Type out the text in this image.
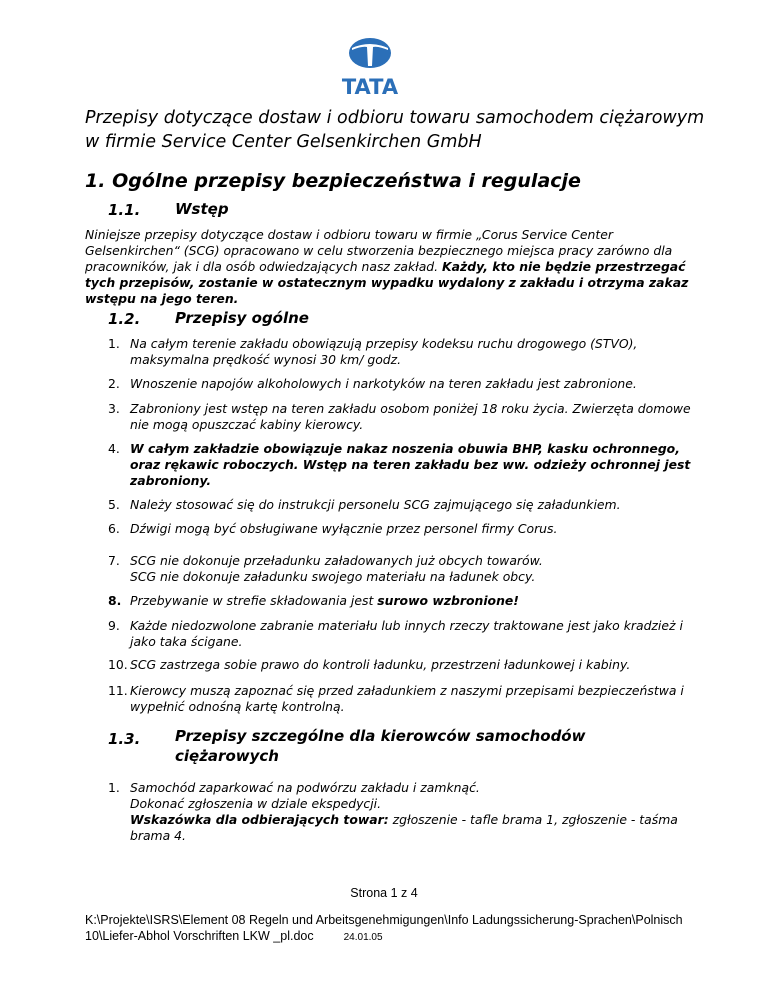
TATA
Przepisy dotyczące dostaw i odbioru towaru samochodem ciężarowym w firmie Service Center Gelsenkirchen GmbH
1. Ogólne przepisy bezpieczeństwa i regulacje
1.1. Wstęp
Niniejsze przepisy dotyczące dostaw i odbioru towaru w firmie „Corus Service Center Gelsenkirchen“ (SCG) opracowano w celu stworzenia bezpiecznego miejsca pracy zarówno dla pracowników, jak i dla osób odwiedzających nasz zakład. Każdy, kto nie będzie przestrzegać tych przepisów, zostanie w ostatecznym wypadku wydalony z zakładu i otrzyma zakaz wstępu na jego teren.
1.2. Przepisy ogólne
1. Na całym terenie zakładu obowiązują przepisy kodeksu ruchu drogowego (STVO), maksymalna prędkość wynosi 30 km/ godz.
2. Wnoszenie napojów alkoholowych i narkotyków na teren zakładu jest zabronione.
3. Zabroniony jest wstęp na teren zakładu osobom poniżej 18 roku życia. Zwierzęta domowe nie mogą opuszczać kabiny kierowcy.
4. W całym zakładzie obowiązuje nakaz noszenia obuwia BHP, kasku ochronnego, oraz rękawic roboczych. Wstęp na teren zakładu bez ww. odzieży ochronnej jest zabroniony.
5. Należy stosować się do instrukcji personelu SCG zajmującego się załadunkiem.
6. Dźwigi mogą być obsługiwane wyłącznie przez personel firmy Corus.
7. SCG nie dokonuje przeładunku załadowanych już obcych towarów.
SCG nie dokonuje załadunku swojego materiału na ładunek obcy.
8. Przebywanie w strefie składowania jest surowo wzbronione!
9. Każde niedozwolone zabranie materiału lub innych rzeczy traktowane jest jako kradzież i jako taka ścigane.
10. SCG zastrzega sobie prawo do kontroli ładunku, przestrzeni ładunkowej i kabiny.
11. Kierowcy muszą zapoznać się przed załadunkiem z naszymi przepisami bezpieczeństwa i wypełnić odnośną kartę kontrolną.
1.3. Przepisy szczególne dla kierowców samochodów ciężarowych
1. Samochód zaparkować na podwórzu zakładu i zamknąć.
Dokonać zgłoszenia w dziale ekspedycji.
Wskazówka dla odbierających towar: zgłoszenie - tafle brama 1, zgłoszenie - taśma brama 4.
Strona 1 z 4
K:\Projekte\ISRS\Element 08 Regeln und Arbeitsgenehmigungen\Info Ladungssicherung-Sprachen\Polnisch 10\Liefer-Abhol Vorschriften LKW _pl.doc	24.01.05
